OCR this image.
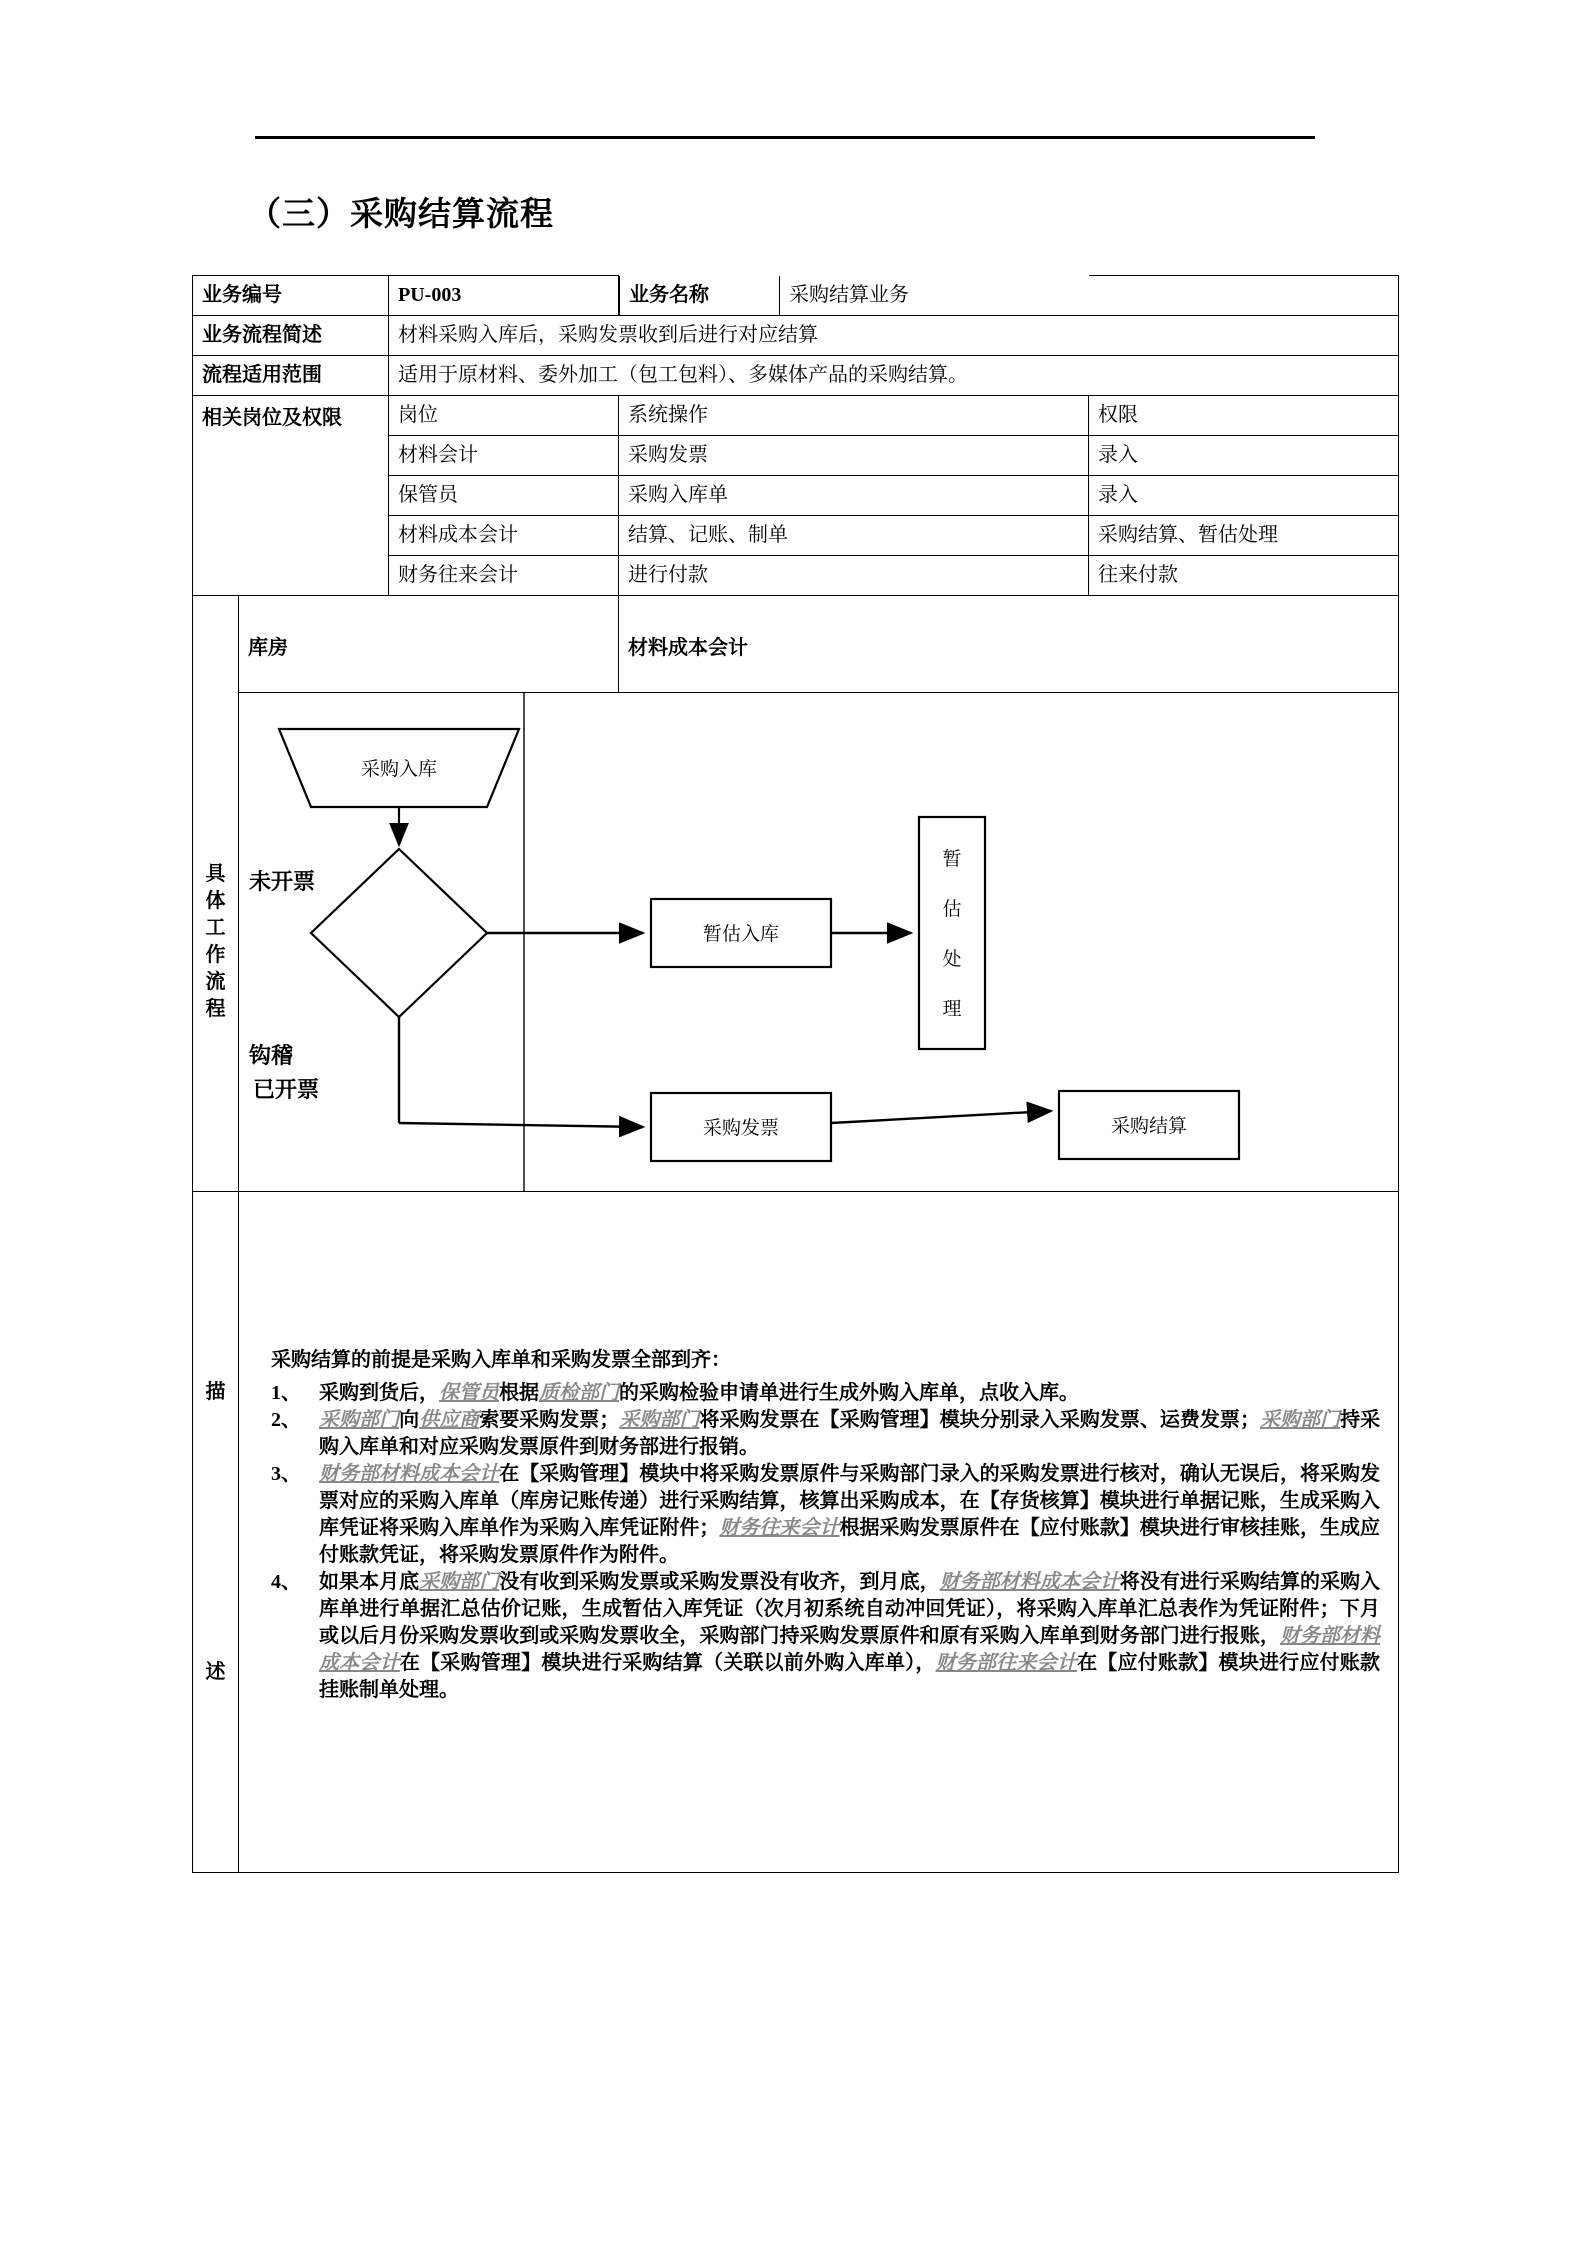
（三）采购结算流程
业务编号	PU-003		业务名称	采购结算业务

业务流程简述	材料采购入库后，采购发票收到后进行对应结算
流程适用范围	适用于原材料、委外加工（包工包料）、多媒体产品的采购结算。
相关岗位及权限	岗位	系统操作	权限
材料会计	采购发票	录入
保管员	采购入库单	录入
材料成本会计	结算、记账、制单	采购结算、暂估处理
财务往来会计	进行付款	往来付款
	库房	材料成本会计

具
体
工
作
流
程

采购入库
未开票
钩稽
已开票
暂估入库
暂
估
处
理
采购发票	采购结算

描
述

采购结算的前提是采购入库单和采购发票全部到齐：
1、 采购到货后，保管员根据质检部门的采购检验申请单进行生成外购入库单，点收入库。
2、 采购部门向供应商索要采购发票；采购部门将采购发票在【采购管理】模块分别录入采购发票、运费发票；采购部门持采购入库单和对应采购发票原件到财务部进行报销。
3、 财务部材料成本会计在【采购管理】模块中将采购发票原件与采购部门录入的采购发票进行核对，确认无误后，将采购发票对应的采购入库单（库房记账传递）进行采购结算，核算出采购成本，在【存货核算】模块进行单据记账，生成采购入库凭证将采购入库单作为采购入库凭证附件；财务往来会计根据采购发票原件在【应付账款】模块进行审核挂账，生成应付账款凭证，将采购发票原件作为附件。
4、 如果本月底采购部门没有收到采购发票或采购发票没有收齐，到月底，财务部材料成本会计将没有进行采购结算的采购入库单进行单据汇总估价记账，生成暂估入库凭证（次月初系统自动冲回凭证），将采购入库单汇总表作为凭证附件；下月或以后月份采购发票收到或采购发票收全，采购部门持采购发票原件和原有采购入库单到财务部门进行报账，财务部材料成本会计在【采购管理】模块进行采购结算（关联以前外购入库单），财务部往来会计在【应付账款】模块进行应付账款挂账制单处理。
